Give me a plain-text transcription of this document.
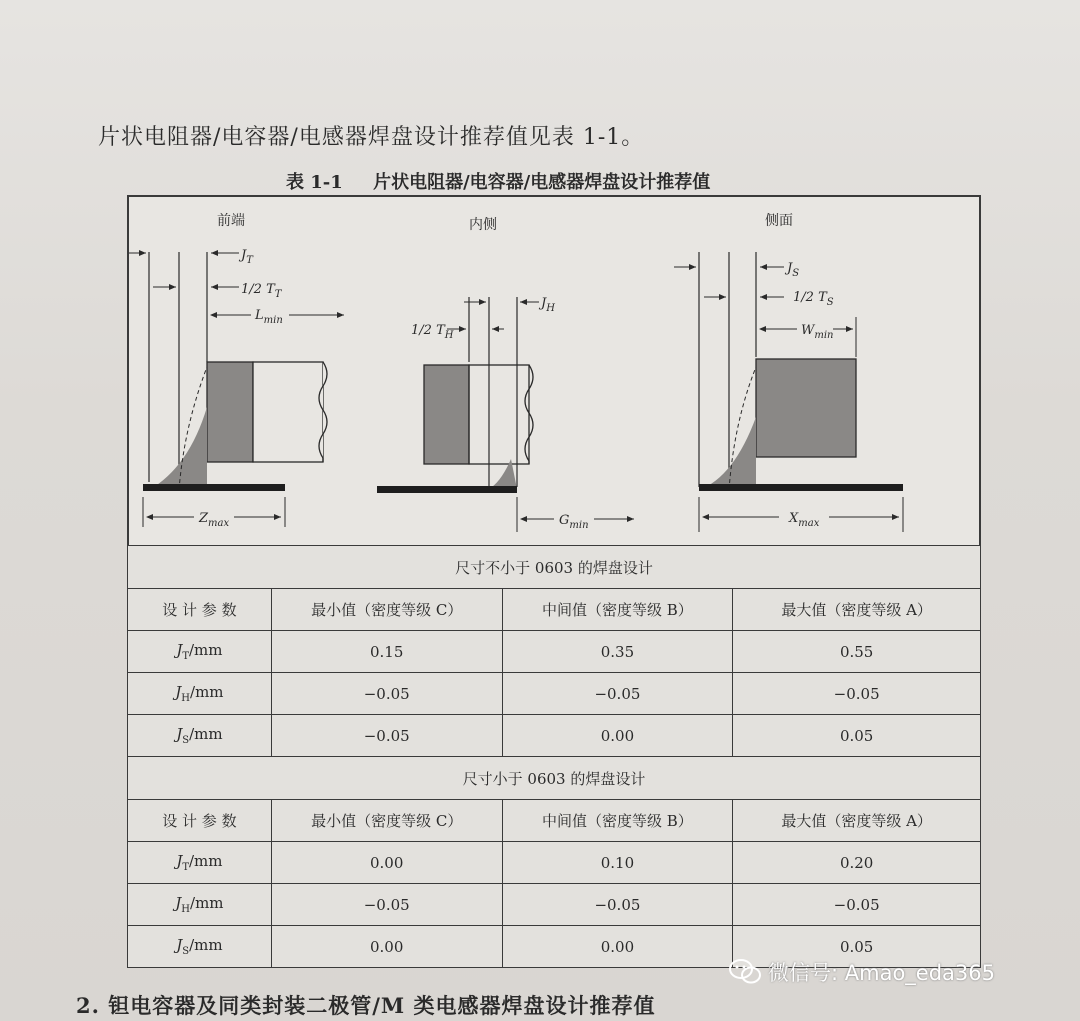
片状电阻器/电容器/电感器焊盘设计推荐值见表 1-1。
表 1-1 片状电阻器/电容器/电感器焊盘设计推荐值
前端	内侧	侧面
$J_T$
1/2 $T_T$
$L_{min}$
$Z_{max}$
$J_H$
1/2 $T_H$
$G_{min}$
$J_S$
1/2 $T_S$
$W_{min}$
$X_{max}$
尺寸不小于 0603 的焊盘设计			
设 计 参 数	最小值（密度等级 C）	中间值（密度等级 B）	最大值（密度等级 A）
$J_T/mm$	0.15	0.35	0.55
$J_H/mm$	−0.05	−0.05	−0.05
$J_S/mm$	−0.05	0.00	0.05
尺寸小于 0603 的焊盘设计			
设 计 参 数	最小值（密度等级 C）	中间值（密度等级 B）	最大值（密度等级 A）
$J_T/mm$	0.00	0.10	0.20
$J_H/mm$	−0.05	−0.05	−0.05
$J_S/mm$	0.00	0.00	0.05
微信号: Amao_eda365
2. 钽电容器及同类封装二极管/M 类电感器焊盘设计推荐值
